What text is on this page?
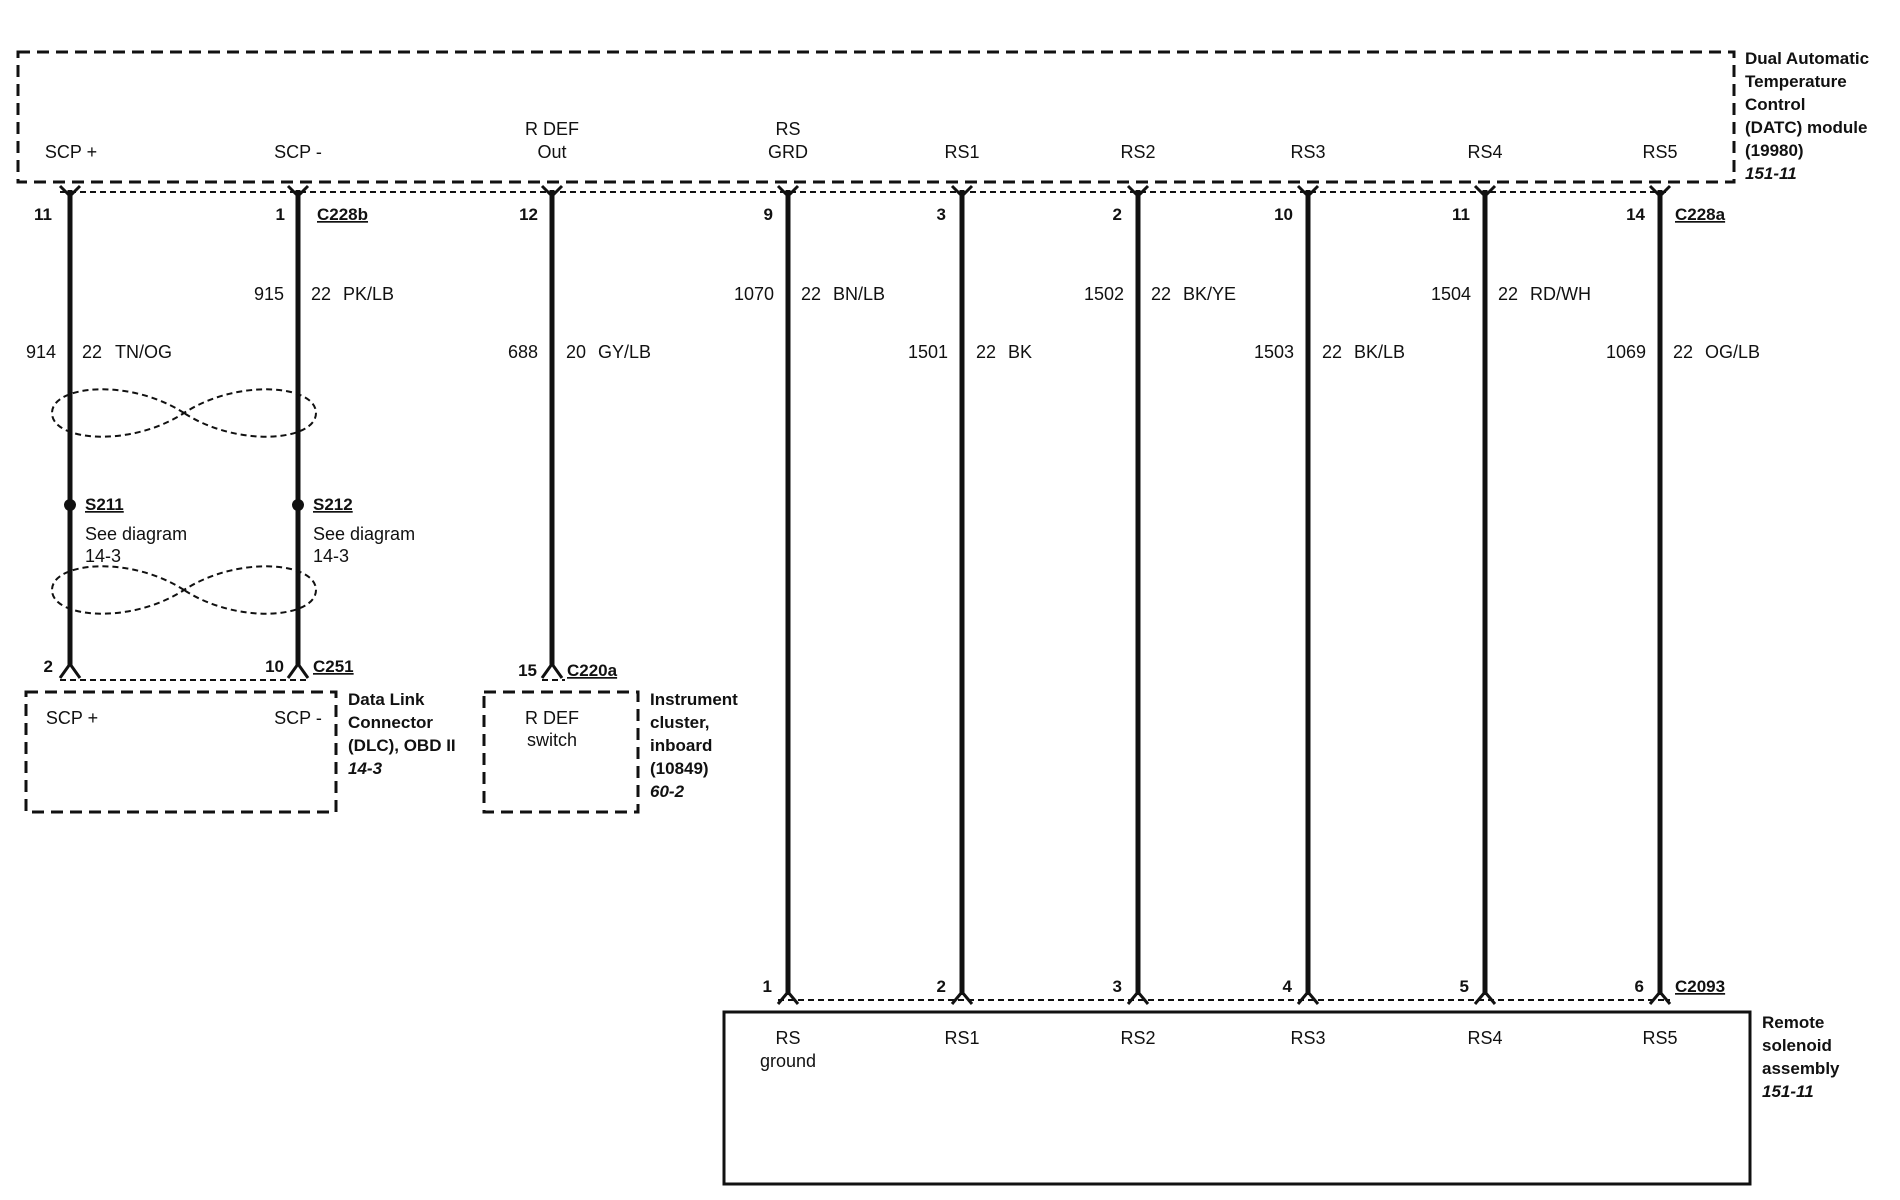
Dual Automatic
Temperature
Control
(DATC) module
(19980)
151-11
SCP +	SCP -
R DEF
Out
RS
GRD	RS1	RS2	RS3	RS4	RS5
C228b	C228a
11	1	12	9	3	2	10	11	14
914 22 TN/OG
915 22 PK/LB
688 20 GY/LB
1070 22 BN/LB
1501 22 BK
1502 22 BK/YE
1503 22 BK/LB
1504 22 RD/WH
1069 22 OG/LB
S211
See diagram
14-3
S212
See diagram
14-3
2	10 C251
SCP +	SCP -
Data Link
Connector
(DLC), OBD II
14-3
15 C220a
R DEF
switch
Instrument
cluster,
inboard
(10849)
60-2
1	2	3	4	5	6 C2093
RS
ground
RS1	RS2	RS3	RS4	RS5
Remote
solenoid
assembly
151-11
